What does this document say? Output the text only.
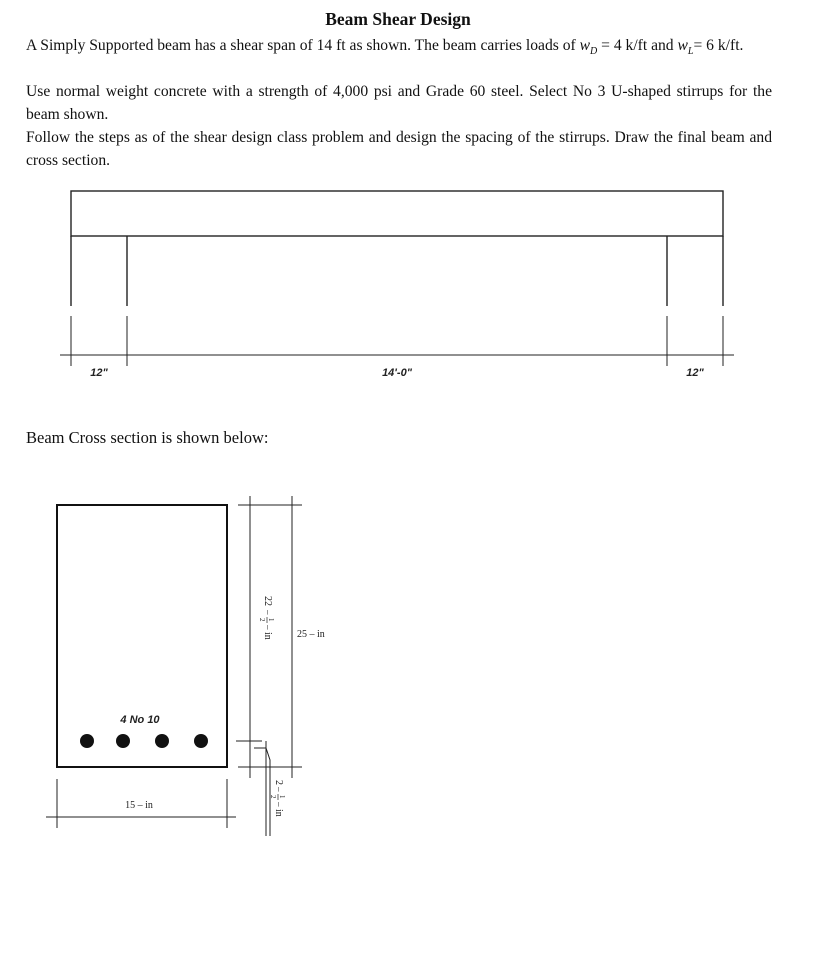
Beam Shear Design

A Simply Supported beam has a shear span of 14 ft as shown. The beam carries loads of $w_D = 4$ k/ft and $w_L= 6$ k/ft.

Use normal weight concrete with a strength of 4,000 psi and Grade 60 steel. Select No 3 U-shaped stirrups for the beam shown.

Follow the steps as of the shear design class problem and design the spacing of the stirrups. Draw the final beam and cross section.

12"	14'-0"	12"

Beam Cross section is shown below:

4 No 10
15 – in
25 – in
22
–
1
2
–
in
2
–
1
2
–
in
